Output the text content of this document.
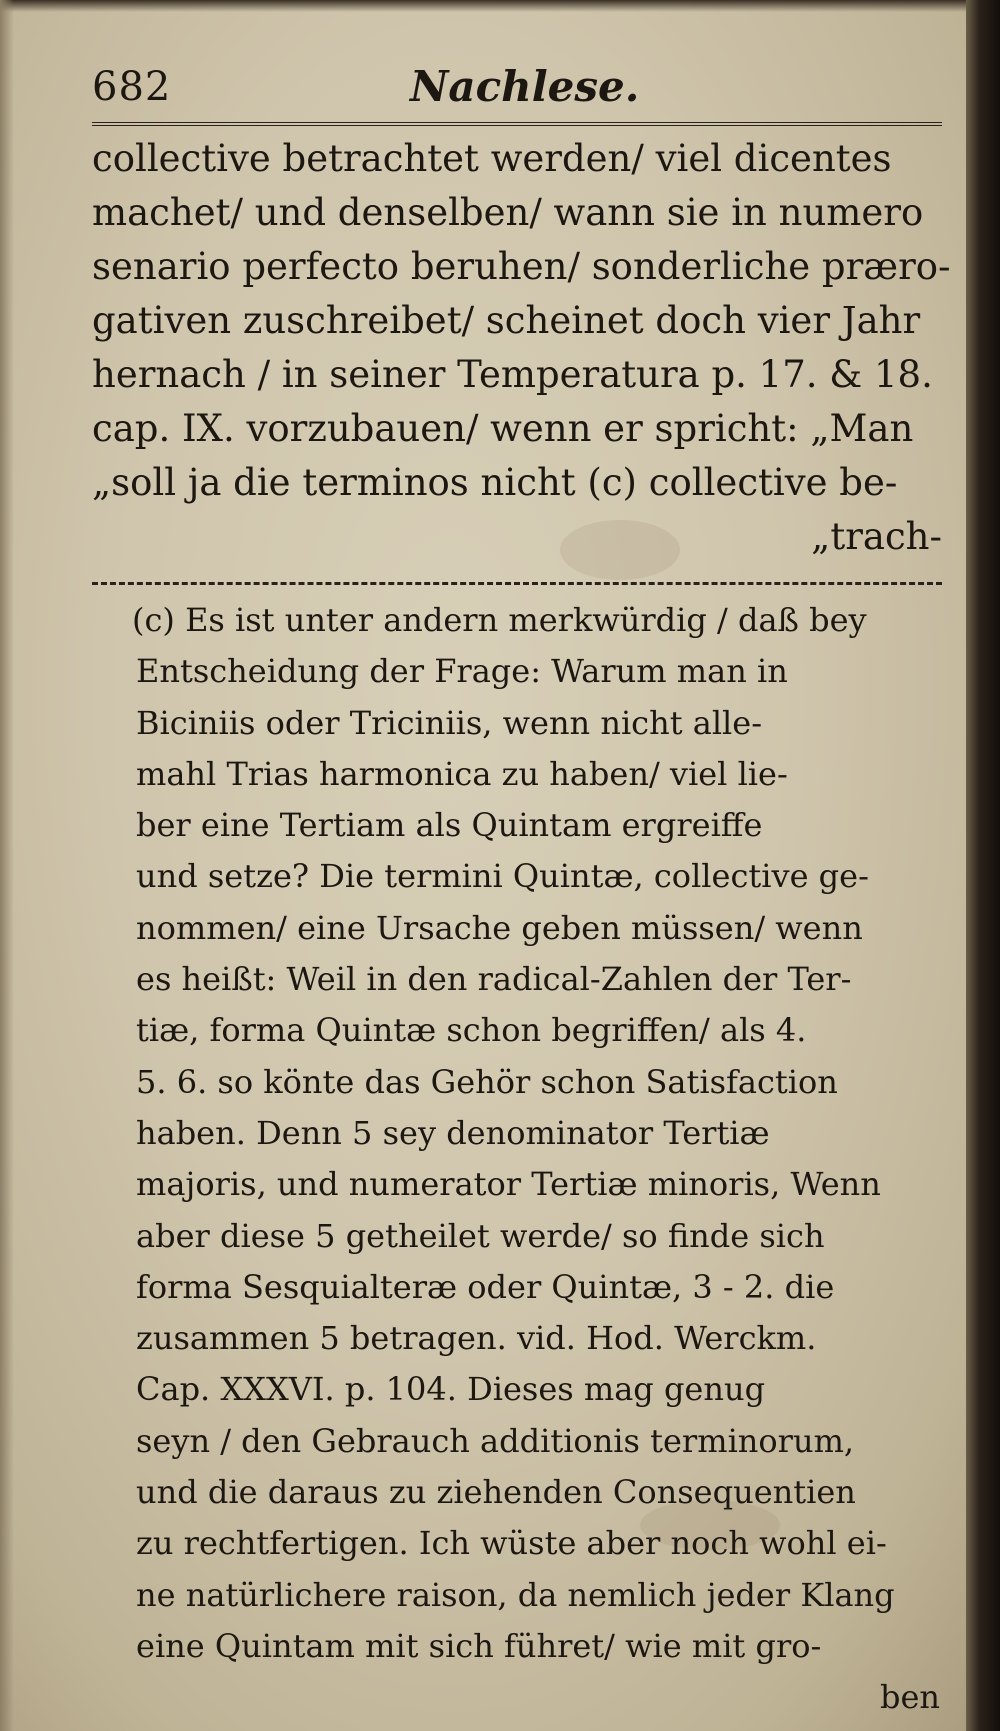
682	Nachlese.
collective betrachtet werden/ viel dicentes
machet/ und denselben/ wann sie in numero
senario perfecto beruhen/ sonderliche præro-
gativen zuschreibet/ scheinet doch vier Jahr
hernach / in seiner Temperatura p. 17. & 18.
cap. IX. vorzubauen/ wenn er spricht: „Man
„soll ja die terminos nicht (c) collective be-
„trach-
(c) Es ist unter andern merkwürdig / daß bey
Entscheidung der Frage: Warum man in
Biciniis oder Triciniis, wenn nicht alle-
mahl Trias harmonica zu haben/ viel lie-
ber eine Tertiam als Quintam ergreiffe
und setze? Die termini Quintæ, collective ge-
nommen/ eine Ursache geben müssen/ wenn
es heißt: Weil in den radical-Zahlen der Ter-
tiæ, forma Quintæ schon begriffen/ als 4.
5. 6. so könte das Gehör schon Satisfaction
haben. Denn 5 sey denominator Tertiæ
majoris, und numerator Tertiæ minoris, Wenn
aber diese 5 getheilet werde/ so finde sich
forma Sesquialteræ oder Quintæ, 3 - 2. die
zusammen 5 betragen. vid. Hod. Werckm.
Cap. XXXVI. p. 104. Dieses mag genug
seyn / den Gebrauch additionis terminorum,
und die daraus zu ziehenden Consequentien
zu rechtfertigen. Ich wüste aber noch wohl ei-
ne natürlichere raison, da nemlich jeder Klang
eine Quintam mit sich führet/ wie mit gro-
ben
